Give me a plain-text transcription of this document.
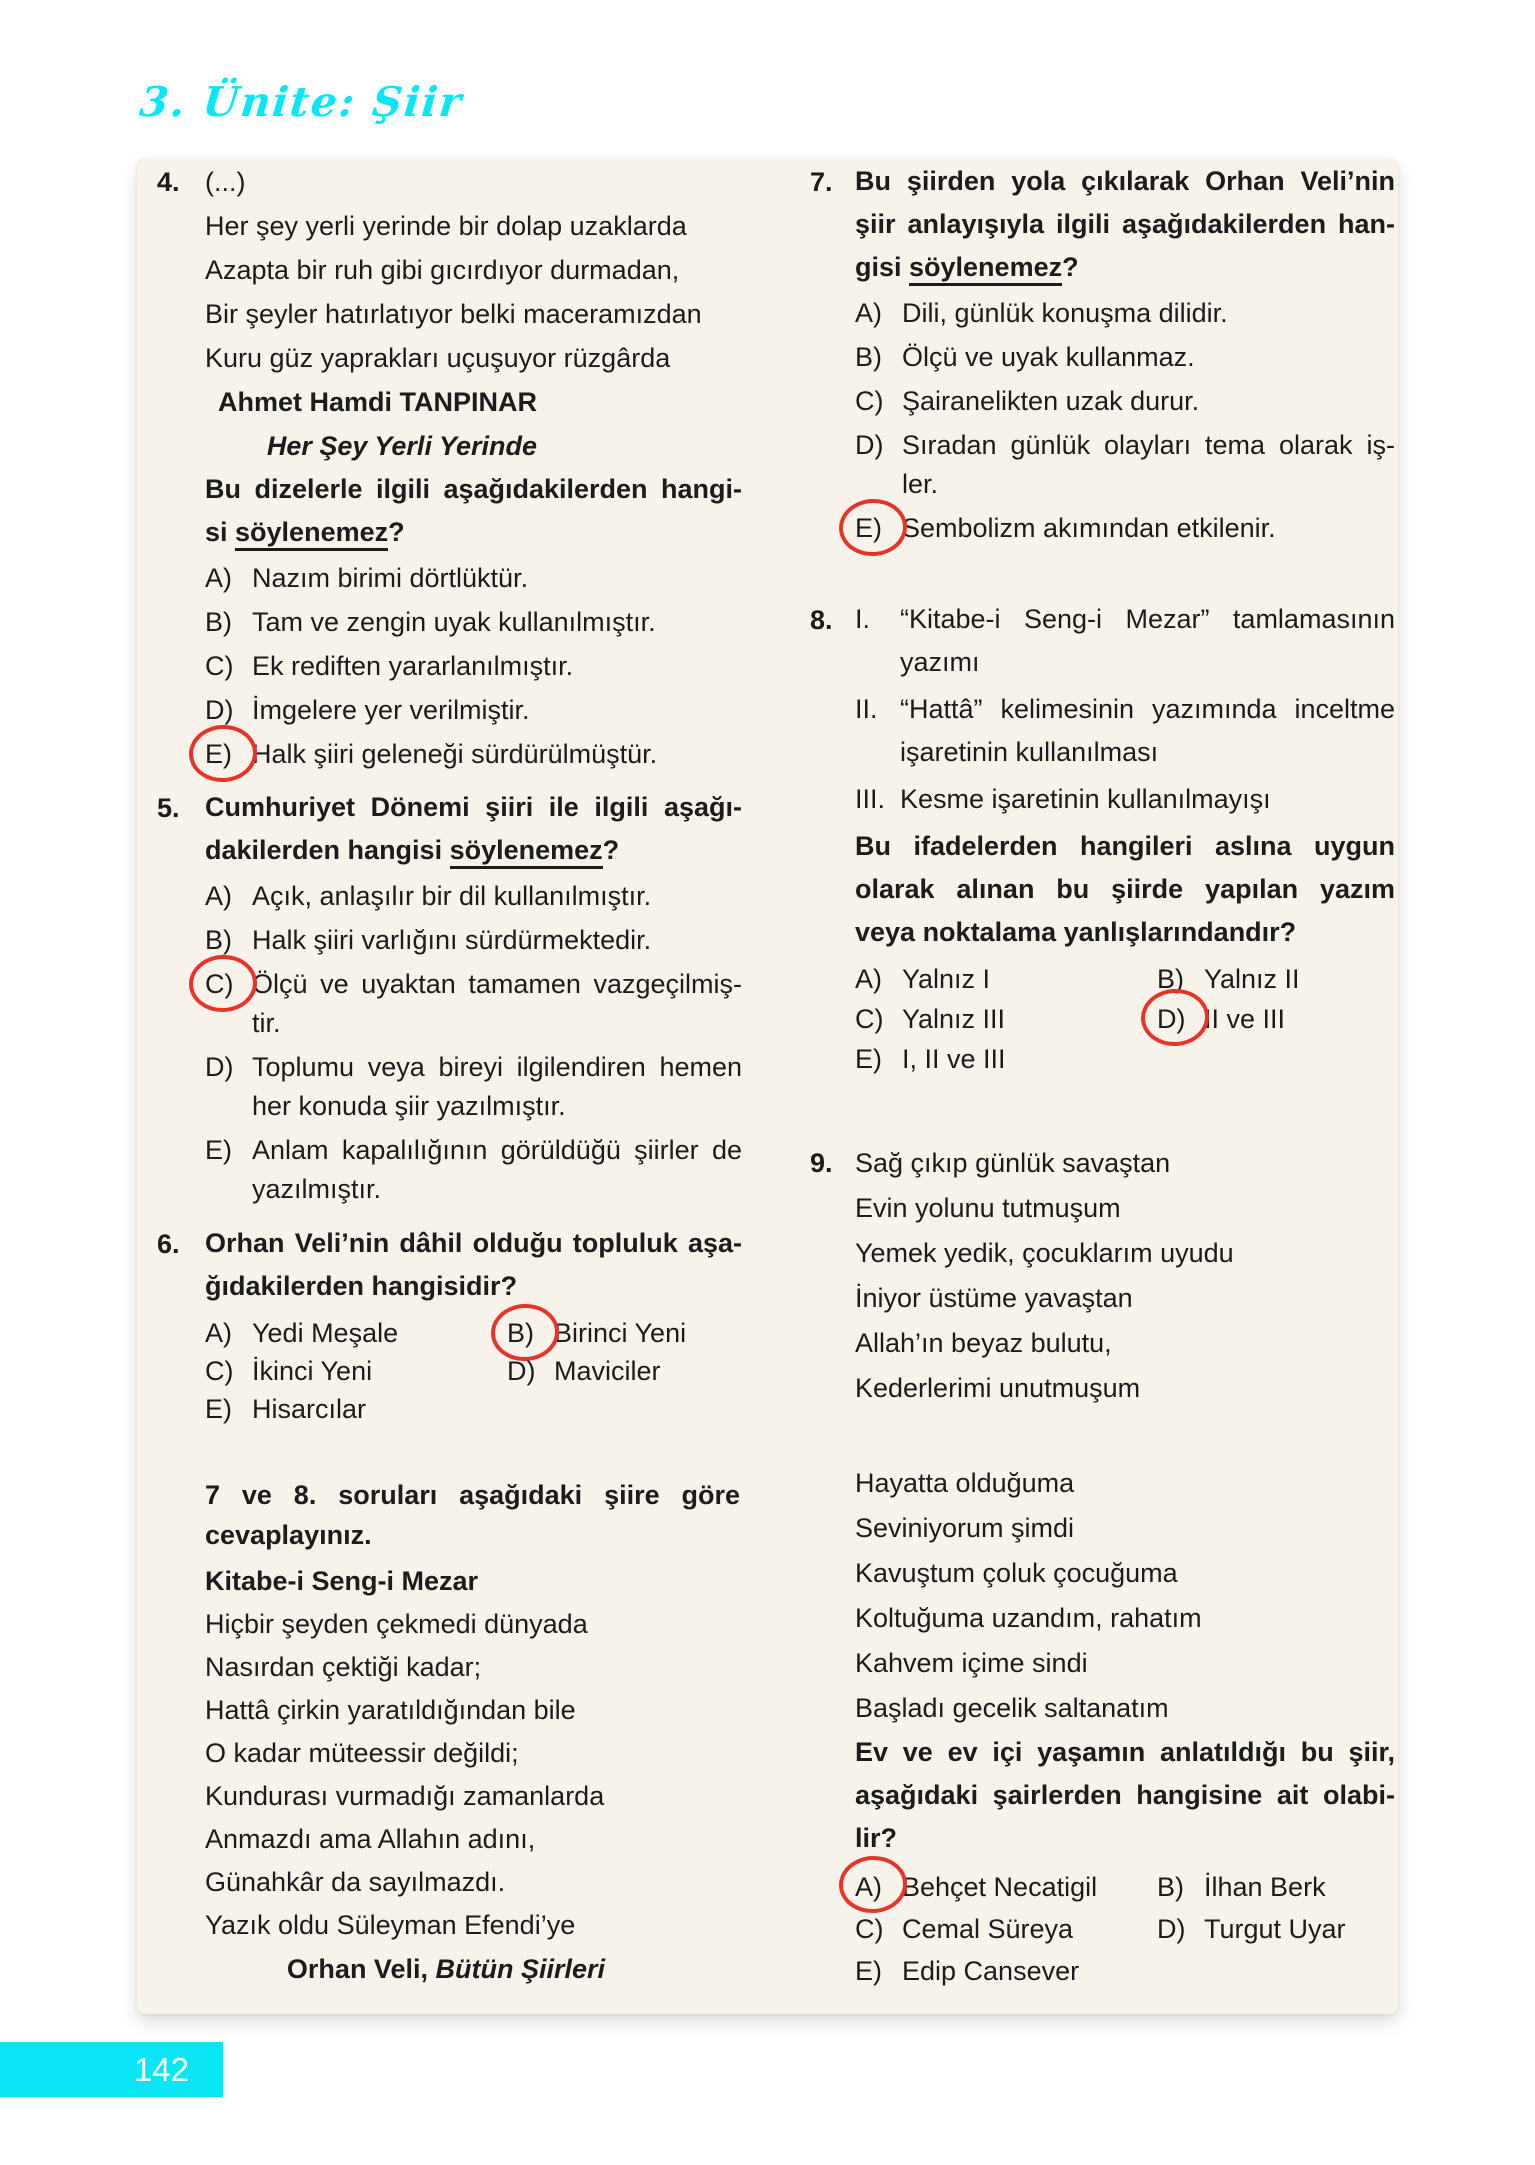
3. Ünite: Şiir
4. (...)
Her şey yerli yerinde bir dolap uzaklarda
Azapta bir ruh gibi gıcırdıyor durmadan,
Bir şeyler hatırlatıyor belki maceramızdan
Kuru güz yaprakları uçuşuyor rüzgârda
Ahmet Hamdi TANPINAR
Her Şey Yerli Yerinde
Bu dizelerle ilgili aşağıdakilerden hangi-
si söylenemez?
A) Nazım birimi dörtlüktür.
B) Tam ve zengin uyak kullanılmıştır.
C) Ek rediften yararlanılmıştır.
D) İmgelere yer verilmiştir.
E) Halk şiiri geleneği sürdürülmüştür.
5. Cumhuriyet Dönemi şiiri ile ilgili aşağı-
dakilerden hangisi söylenemez?
A) Açık, anlaşılır bir dil kullanılmıştır.
B) Halk şiiri varlığını sürdürmektedir.
C) Ölçü ve uyaktan tamamen vazgeçilmiş-
tir.
D) Toplumu veya bireyi ilgilendiren hemen
her konuda şiir yazılmıştır.
E) Anlam kapalılığının görüldüğü şiirler de
yazılmıştır.
6. Orhan Veli’nin dâhil olduğu topluluk aşa-
ğıdakilerden hangisidir?
A) Yedi Meşale	B) Birinci Yeni
C) İkinci Yeni	D) Maviciler
E) Hisarcılar
7 ve 8. soruları aşağıdaki şiire göre
cevaplayınız.
Kitabe-i Seng-i Mezar
Hiçbir şeyden çekmedi dünyada
Nasırdan çektiği kadar;
Hattâ çirkin yaratıldığından bile
O kadar müteessir değildi;
Kundurası vurmadığı zamanlarda
Anmazdı ama Allahın adını,
Günahkâr da sayılmazdı.
Yazık oldu Süleyman Efendi’ye
Orhan Veli, Bütün Şiirleri
7. Bu şiirden yola çıkılarak Orhan Veli’nin
şiir anlayışıyla ilgili aşağıdakilerden han-
gisi söylenemez?
A) Dili, günlük konuşma dilidir.
B) Ölçü ve uyak kullanmaz.
C) Şairanelikten uzak durur.
D) Sıradan günlük olayları tema olarak iş-
ler.
E) Sembolizm akımından etkilenir.
8. I.	“Kitabe-i Seng-i Mezar” tamlamasının
yazımı
II. “Hattâ” kelimesinin yazımında inceltme
işaretinin kullanılması
III. Kesme işaretinin kullanılmayışı
Bu ifadelerden hangileri aslına uygun
olarak alınan bu şiirde yapılan yazım
veya noktalama yanlışlarındandır?
A) Yalnız I	B) Yalnız II
C) Yalnız III	D) II ve III
E) I, II ve III
9. Sağ çıkıp günlük savaştan
Evin yolunu tutmuşum
Yemek yedik, çocuklarım uyudu
İniyor üstüme yavaştan
Allah’ın beyaz bulutu,
Kederlerimi unutmuşum
Hayatta olduğuma
Seviniyorum şimdi
Kavuştum çoluk çocuğuma
Koltuğuma uzandım, rahatım
Kahvem içime sindi
Başladı gecelik saltanatım
Ev ve ev içi yaşamın anlatıldığı bu şiir,
aşağıdaki şairlerden hangisine ait olabi-
lir?
A) Behçet Necatigil	B) İlhan Berk
C) Cemal Süreya	D) Turgut Uyar
E) Edip Cansever
142
